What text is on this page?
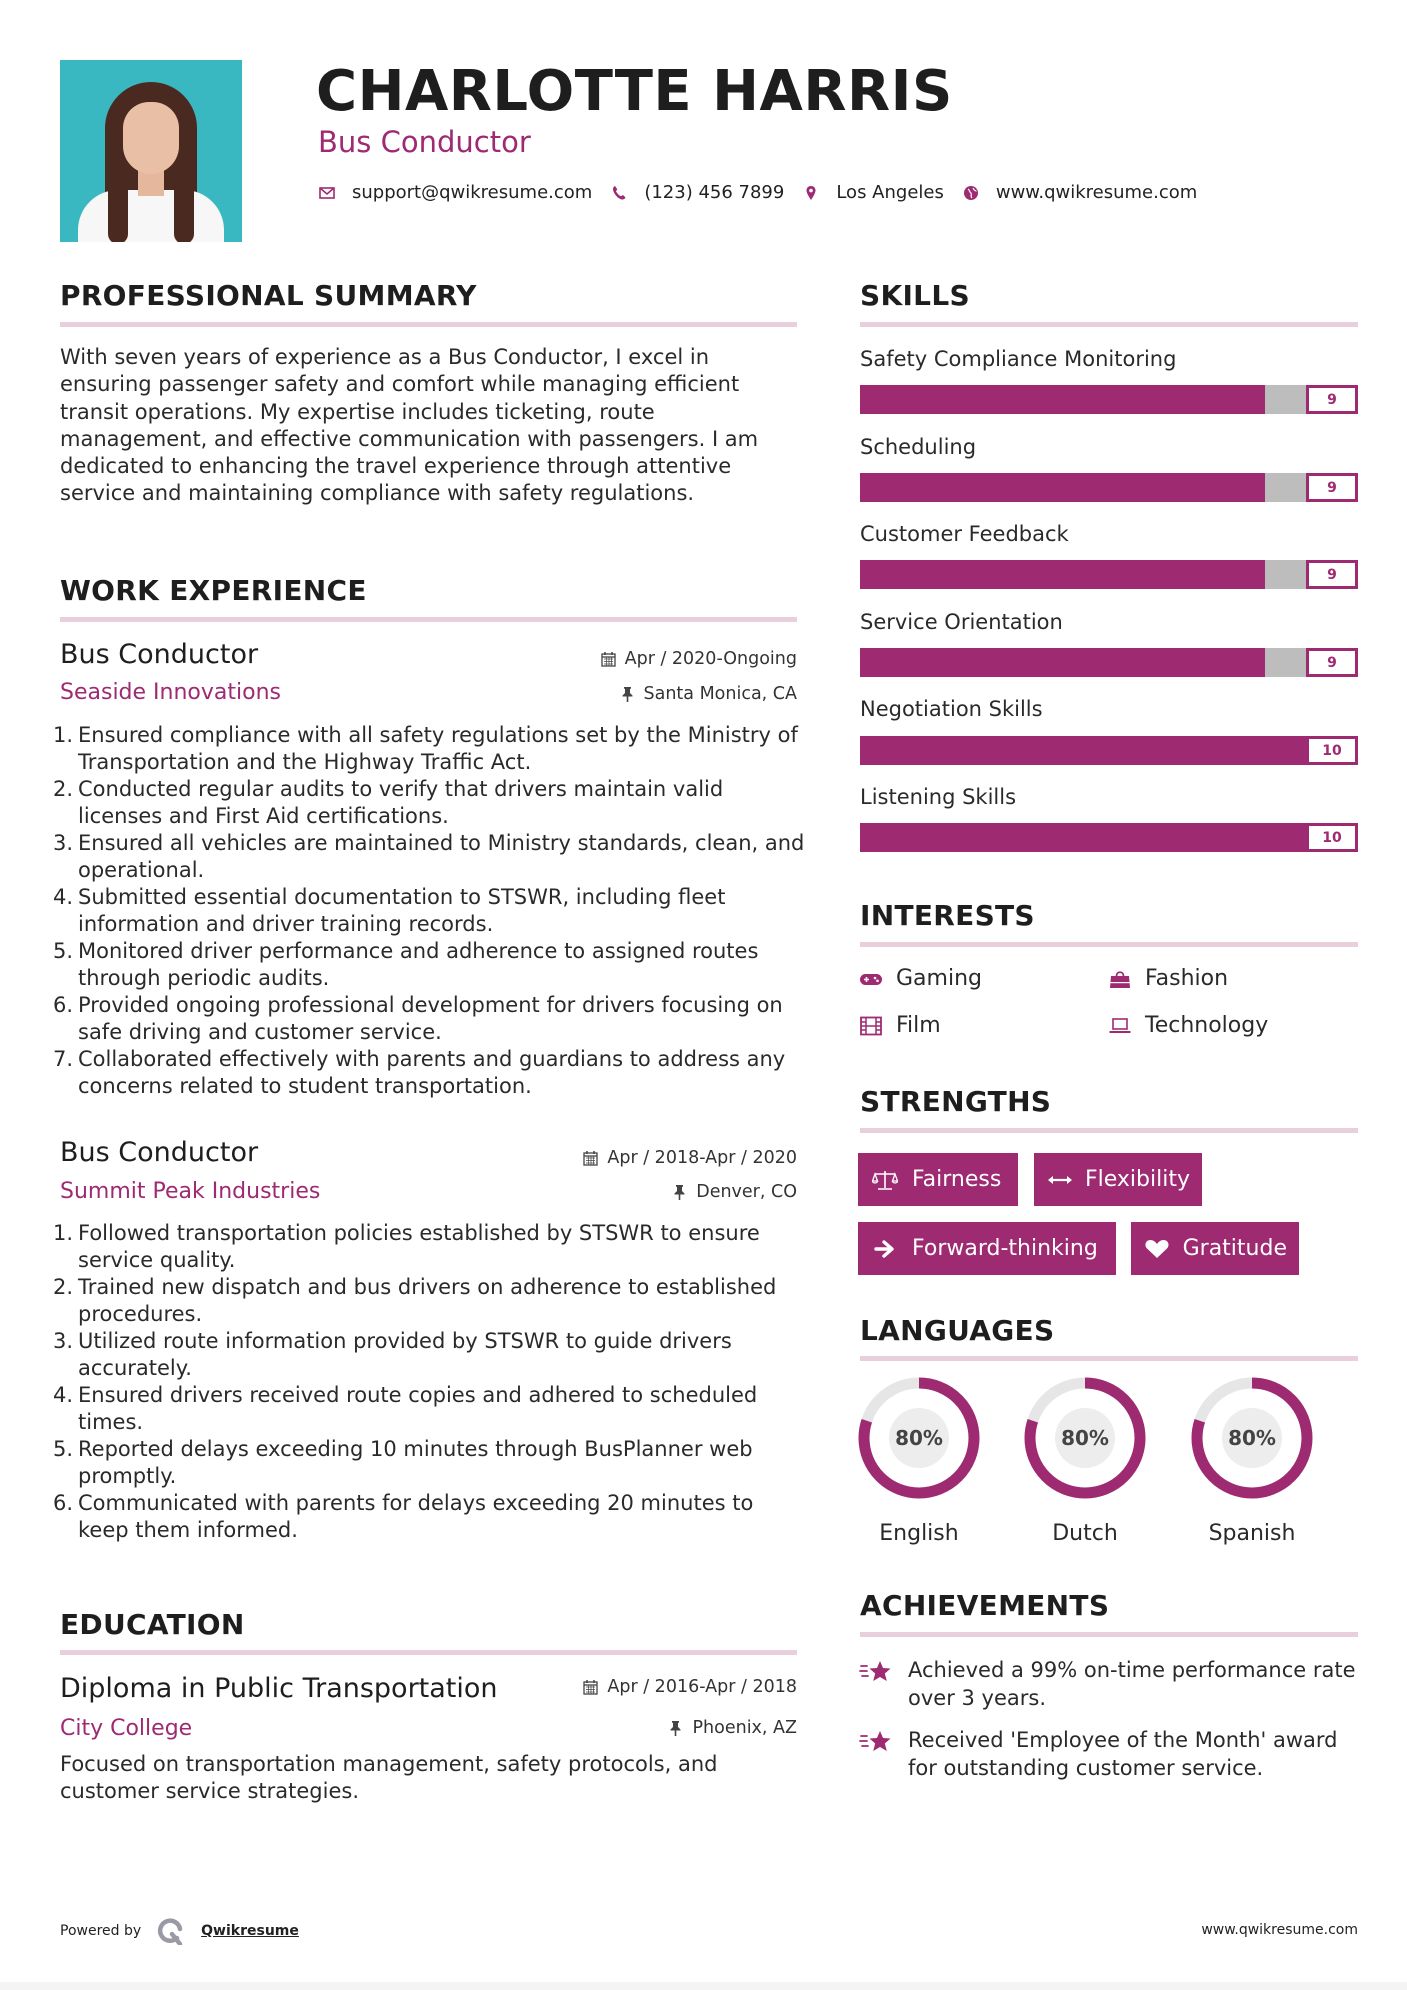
CHARLOTTE HARRIS
Bus Conductor
support@qwikresume.com	(123) 456 7899	Los Angeles	www.qwikresume.com
PROFESSIONAL SUMMARY
With seven years of experience as a Bus Conductor, I excel in ensuring passenger safety and comfort while managing efficient transit operations. My expertise includes ticketing, route management, and effective communication with passengers. I am dedicated to enhancing the travel experience through attentive service and maintaining compliance with safety regulations.
WORK EXPERIENCE
Bus Conductor	Apr / 2020-Ongoing
Seaside Innovations	Santa Monica, CA
1. Ensured compliance with all safety regulations set by the Ministry of Transportation and the Highway Traffic Act.
2. Conducted regular audits to verify that drivers maintain valid licenses and First Aid certifications.
3. Ensured all vehicles are maintained to Ministry standards, clean, and operational.
4. Submitted essential documentation to STSWR, including fleet information and driver training records.
5. Monitored driver performance and adherence to assigned routes through periodic audits.
6. Provided ongoing professional development for drivers focusing on safe driving and customer service.
7. Collaborated effectively with parents and guardians to address any concerns related to student transportation.
Bus Conductor	Apr / 2018-Apr / 2020
Summit Peak Industries	Denver, CO
1. Followed transportation policies established by STSWR to ensure service quality.
2. Trained new dispatch and bus drivers on adherence to established procedures.
3. Utilized route information provided by STSWR to guide drivers accurately.
4. Ensured drivers received route copies and adhered to scheduled times.
5. Reported delays exceeding 10 minutes through BusPlanner web promptly.
6. Communicated with parents for delays exceeding 20 minutes to keep them informed.
EDUCATION
Diploma in Public Transportation	Apr / 2016-Apr / 2018
City College	Phoenix, AZ
Focused on transportation management, safety protocols, and customer service strategies.
SKILLS
Safety Compliance Monitoring
9
Scheduling
9
Customer Feedback
9
Service Orientation
9
Negotiation Skills
10
Listening Skills
10
INTERESTS
Gaming	Fashion
Film	Technology
STRENGTHS
Fairness	Flexibility
Forward-thinking	Gratitude
LANGUAGES
80%
English
80%
Dutch
80%
Spanish
ACHIEVEMENTS
Achieved a 99% on-time performance rate over 3 years.
Received 'Employee of the Month' award for outstanding customer service.
Powered by	Qwikresume	www.qwikresume.com
